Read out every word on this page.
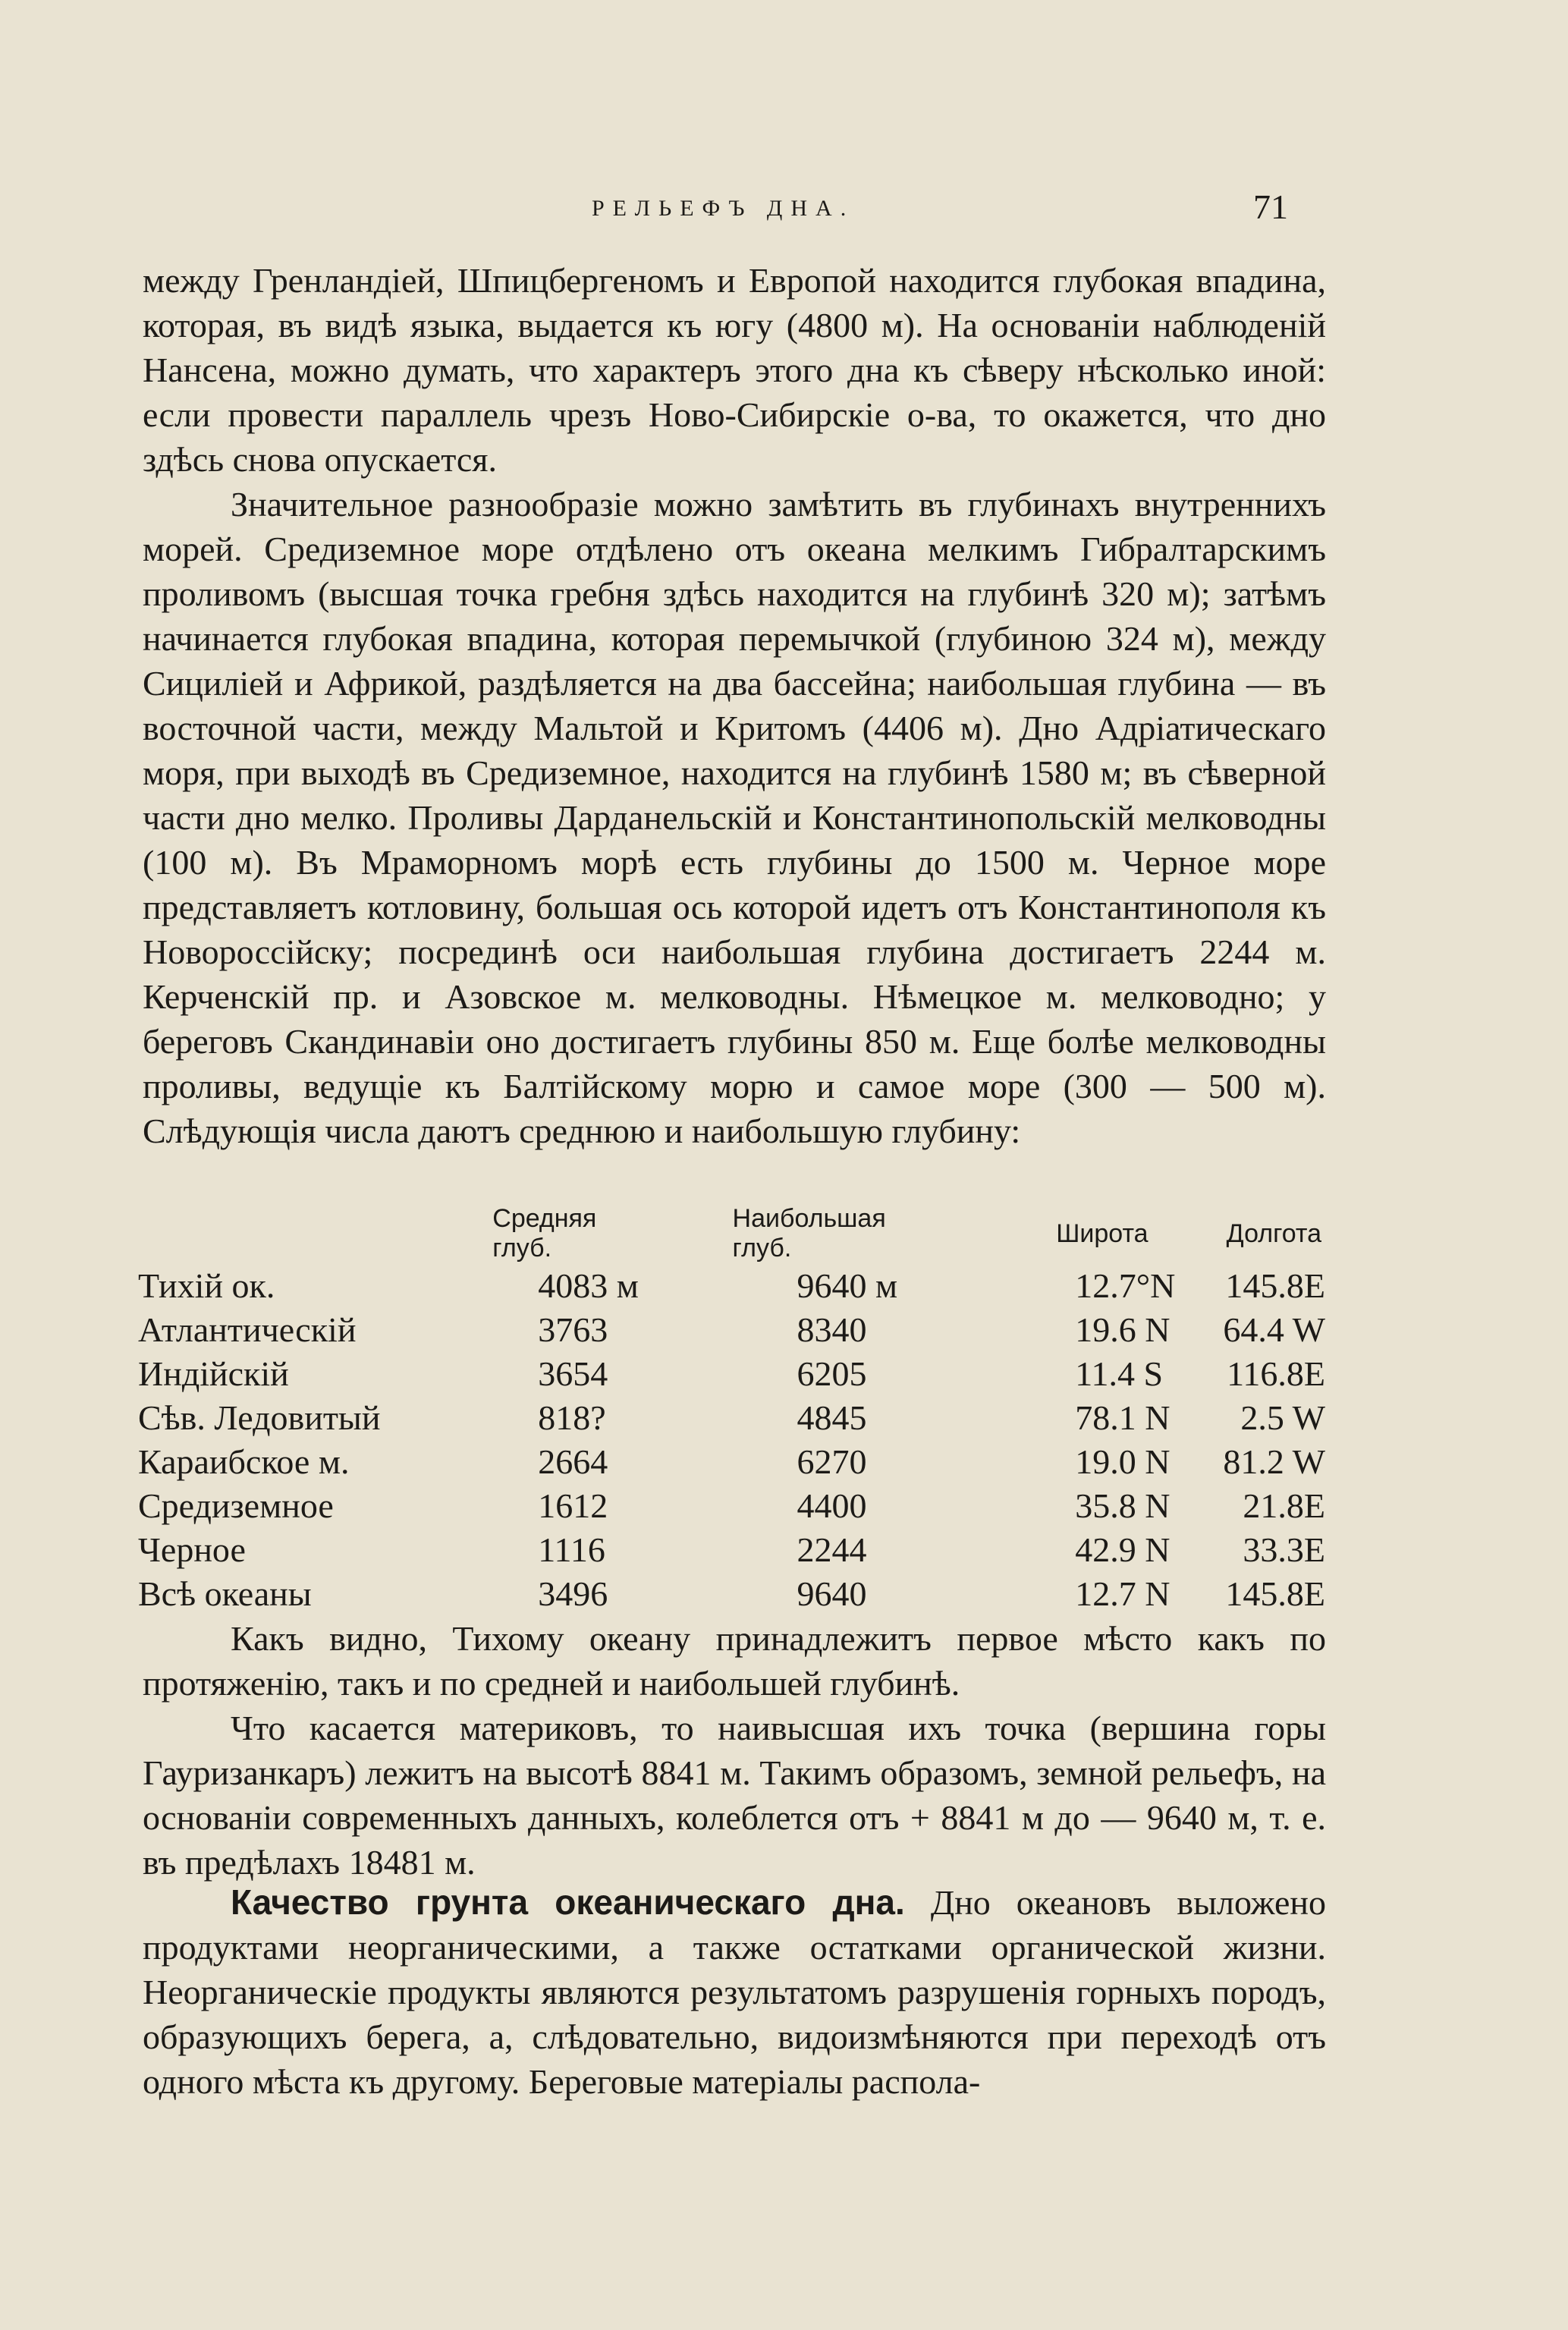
РЕЛЬЕФЪ ДНА.	71

между Гренландіей, Шпицбергеномъ и Европой находится глубокая впадина, которая, въ видѣ языка, выдается къ югу (4800 м). На основаніи наблюденій Нансена, можно думать, что характеръ этого дна къ сѣверу нѣсколько иной: если провести параллель чрезъ Ново-Сибирскіе о-ва, то окажется, что дно здѣсь снова опускается.

Значительное разнообразіе можно замѣтить въ глубинахъ внутреннихъ морей. Средиземное море отдѣлено отъ океана мелкимъ Гибралтарскимъ проливомъ (высшая точка гребня здѣсь находится на глубинѣ 320 м); затѣмъ начинается глубокая впадина, которая перемычкой (глубиною 324 м), между Сициліей и Африкой, раздѣляется на два бассейна; наибольшая глубина — въ восточной части, между Мальтой и Критомъ (4406 м). Дно Адріатическаго моря, при выходѣ въ Средиземное, находится на глубинѣ 1580 м; въ сѣверной части дно мелко. Проливы Дарданельскій и Константинопольскій мелководны (100 м). Въ Мраморномъ морѣ есть глубины до 1500 м. Черное море представляетъ котловину, большая ось которой идетъ отъ Константинополя къ Новороссійску; посрединѣ оси наибольшая глубина достигаетъ 2244 м. Керченскій пр. и Азовское м. мелководны. Нѣмецкое м. мелководно; у береговъ Скандинавіи оно достигаетъ глубины 850 м. Еще болѣе мелководны проливы, ведущіе къ Балтійскому морю и самое море (300 — 500 м). Слѣдующія числа даютъ среднюю и наибольшую глубину:

	Средняя глуб.	Наибольшая глуб.	Широта	Долгота
Тихій ок.	4083 м	9640 м	12.7°N	145.8E
Атлантическій	3763	8340	19.6 N	64.4 W
Индійскій	3654	6205	11.4 S	116.8E
Сѣв. Ледовитый	818?	4845	78.1 N	2.5 W
Караибское м.	2664	6270	19.0 N	81.2 W
Средиземное	1612	4400	35.8 N	21.8E
Черное	1116	2244	42.9 N	33.3E
Всѣ океаны	3496	9640	12.7 N	145.8E

Какъ видно, Тихому океану принадлежитъ первое мѣсто какъ по протяженію, такъ и по средней и наибольшей глубинѣ.

Что касается материковъ, то наивысшая ихъ точка (вершина горы Гауризанкаръ) лежитъ на высотѣ 8841 м. Такимъ образомъ, земной рельефъ, на основаніи современныхъ данныхъ, колеблется отъ + 8841 м до — 9640 м, т. е. въ предѣлахъ 18481 м.

Качество грунта океаническаго дна. Дно океановъ выложено продуктами неорганическими, а также остатками органической жизни. Неорганическіе продукты являются результатомъ разрушенія горныхъ породъ, образующихъ берега, а, слѣдовательно, видоизмѣняются при переходѣ отъ одного мѣста къ другому. Береговые матеріалы распола-
